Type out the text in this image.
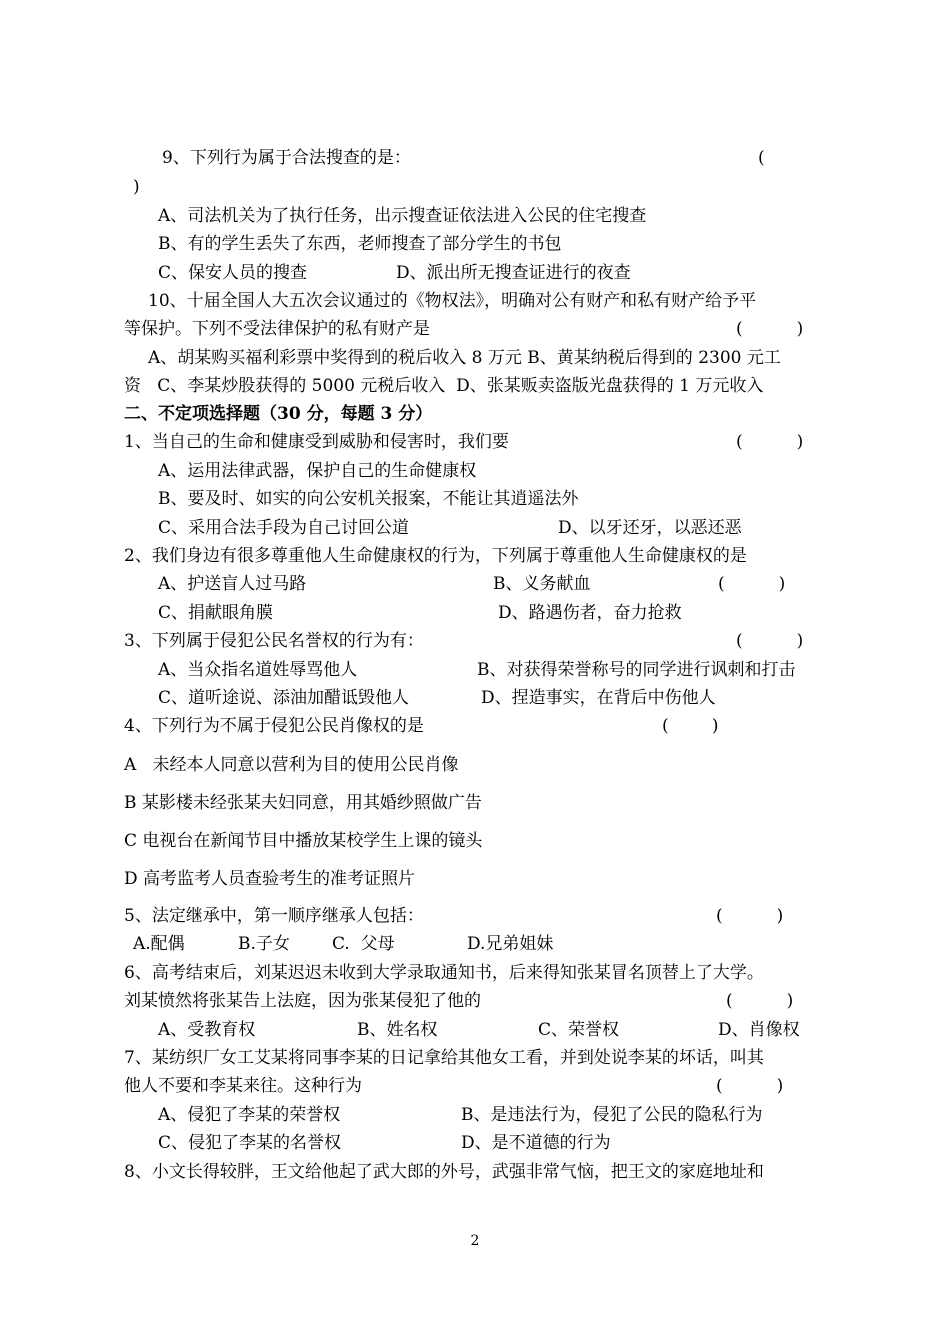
9、下列行为属于合法搜查的是：	(
)
A、司法机关为了执行任务，出示搜查证依法进入公民的住宅搜查
B、有的学生丢失了东西，老师搜查了部分学生的书包
C、保安人员的搜查	D、派出所无搜查证进行的夜查
10、十届全国人大五次会议通过的《物权法》，明确对公有财产和私有财产给予平
等保护。下列不受法律保护的私有财产是	(          )
A、胡某购买福利彩票中奖得到的税后收入 8 万元 B、黄某纳税后得到的 2300 元工
资   C、李某炒股获得的 5000 元税后收入  D、张某贩卖盗版光盘获得的 1 万元收入
二、不定项选择题（30 分，每题 3 分）
1、当自己的生命和健康受到威胁和侵害时，我们要	(          )
A、运用法律武器，保护自己的生命健康权
B、要及时、如实的向公安机关报案，不能让其逍遥法外
C、采用合法手段为自己讨回公道	D、以牙还牙，以恶还恶
2、我们身边有很多尊重他人生命健康权的行为，下列属于尊重他人生命健康权的是
A、护送盲人过马路	B、义务献血	(          )
C、捐献眼角膜	D、路遇伤者，奋力抢救
3、下列属于侵犯公民名誉权的行为有：	(          )
A、当众指名道姓辱骂他人	B、对获得荣誉称号的同学进行讽刺和打击
C、道听途说、添油加醋诋毁他人	D、捏造事实，在背后中伤他人
4、下列行为不属于侵犯公民肖像权的是	(        )
A   未经本人同意以营利为目的使用公民肖像
B 某影楼未经张某夫妇同意，用其婚纱照做广告
C 电视台在新闻节目中播放某校学生上课的镜头
D 高考监考人员查验考生的准考证照片
5、法定继承中，第一顺序继承人包括：	(          )
A.配偶	B.子女 C.  父母	D.兄弟姐妹
6、高考结束后，刘某迟迟未收到大学录取通知书，后来得知张某冒名顶替上了大学。
刘某愤然将张某告上法庭，因为张某侵犯了他的	(          )
A、受教育权	B、姓名权	C、荣誉权	D、肖像权
7、某纺织厂女工艾某将同事李某的日记拿给其他女工看，并到处说李某的坏话，叫其
他人不要和李某来往。这种行为	(          )
A、侵犯了李某的荣誉权	B、是违法行为，侵犯了公民的隐私行为
C、侵犯了李某的名誉权	D、是不道德的行为
8、小文长得较胖，王文给他起了武大郎的外号，武强非常气恼，把王文的家庭地址和
2
